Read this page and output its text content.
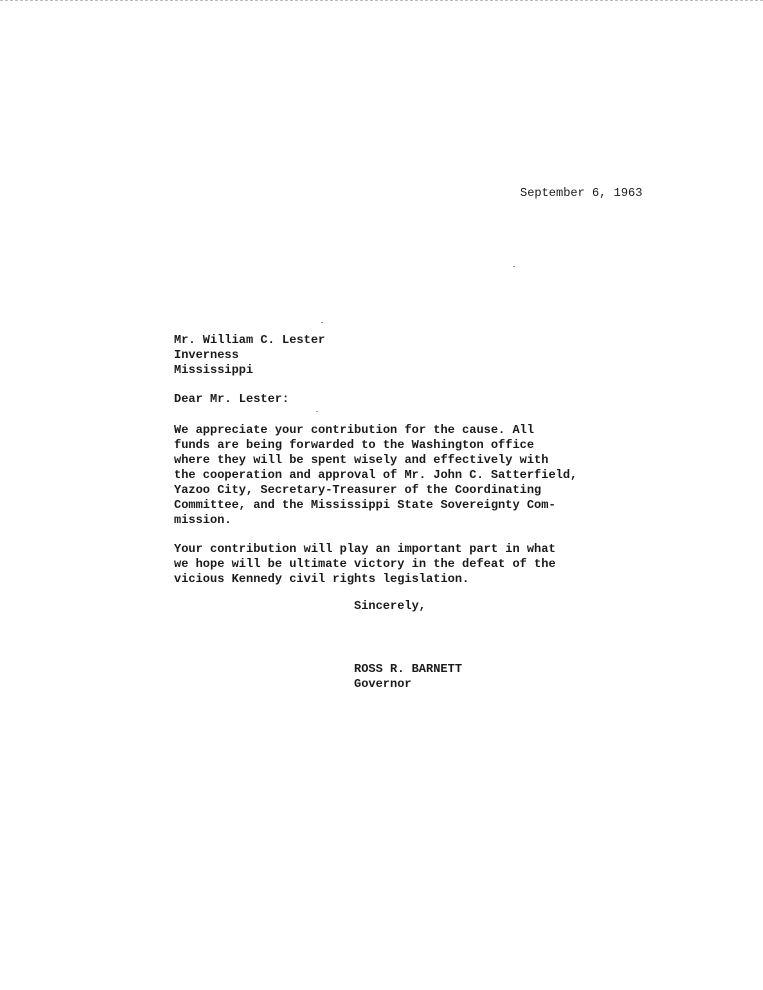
September 6, 1963
Mr. William C. Lester
Inverness
Mississippi
Dear Mr. Lester:
We appreciate your contribution for the cause. All
funds are being forwarded to the Washington office
where they will be spent wisely and effectively with
the cooperation and approval of Mr. John C. Satterfield,
Yazoo City, Secretary-Treasurer of the Coordinating
Committee, and the Mississippi State Sovereignty Com-
mission.
Your contribution will play an important part in what
we hope will be ultimate victory in the defeat of the
vicious Kennedy civil rights legislation.
Sincerely,
ROSS R. BARNETT
Governor
